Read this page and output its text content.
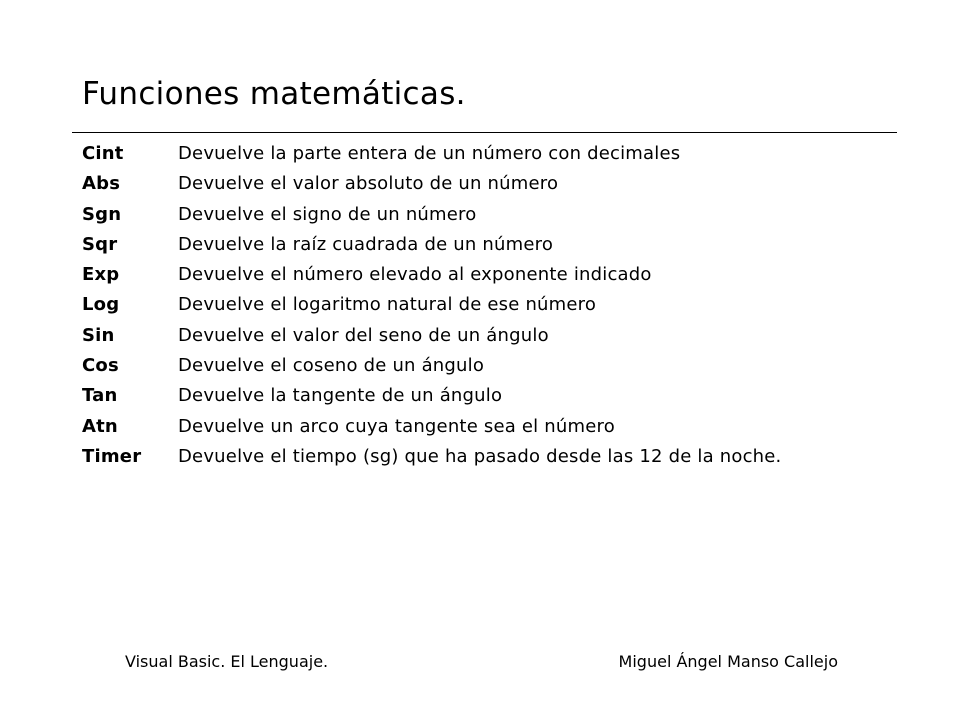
Funciones matemáticas.
Cint	Devuelve la parte entera de un número con decimales
Abs	Devuelve el valor absoluto de un número
Sgn	Devuelve el signo de un número
Sqr	Devuelve la raíz cuadrada de un número
Exp	Devuelve el número elevado al exponente indicado
Log	Devuelve el logaritmo natural de ese número
Sin	Devuelve el valor del seno de un ángulo
Cos	Devuelve el coseno de un ángulo
Tan	Devuelve la tangente de un ángulo
Atn	Devuelve un arco cuya tangente sea el número
Timer	Devuelve el tiempo (sg) que ha pasado desde las 12 de la noche.
Visual Basic. El Lenguaje.	Miguel Ángel Manso Callejo
